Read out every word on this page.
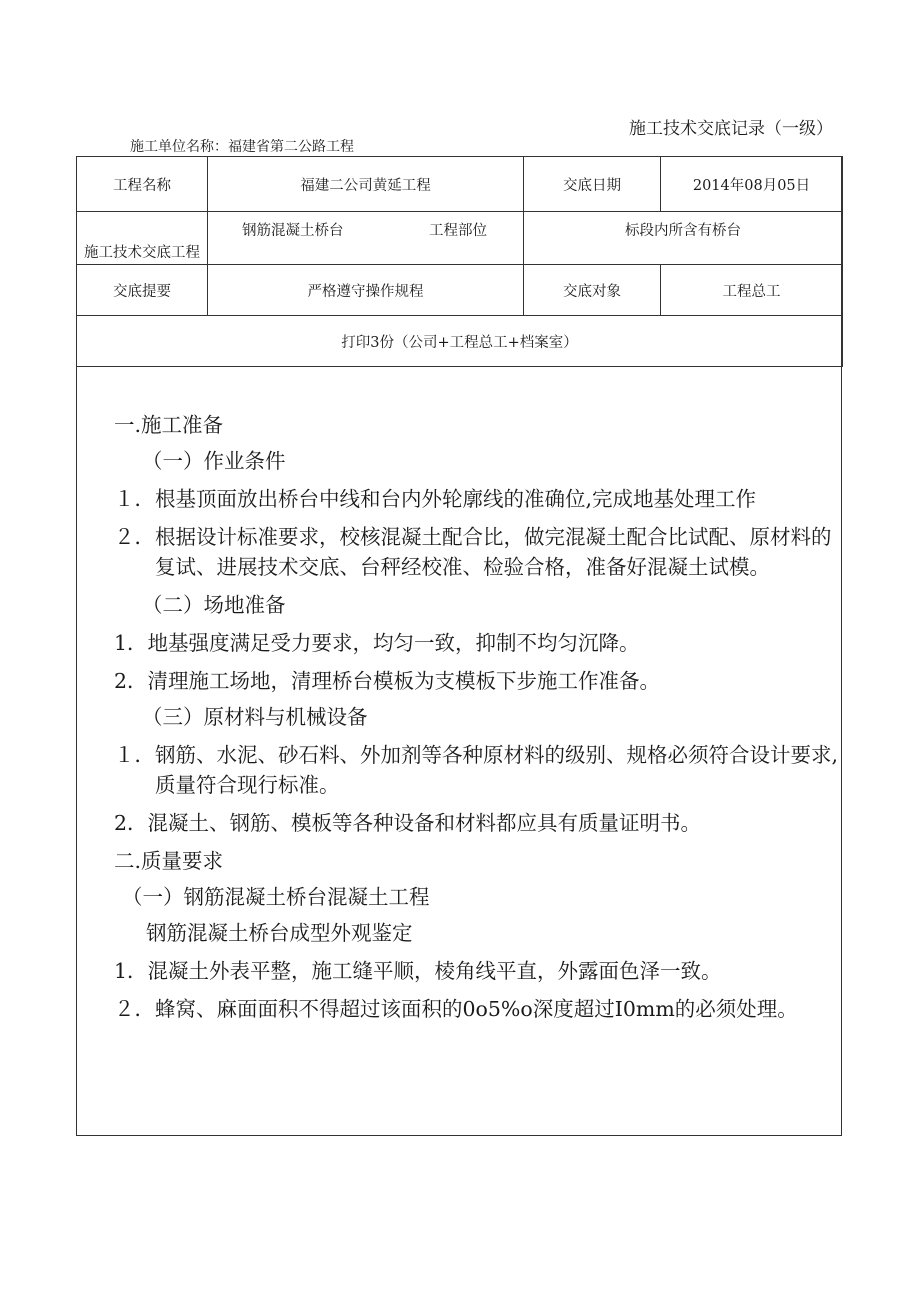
施工技术交底记录（一级）
施工单位名称：福建省第二公路工程
工程名称	福建二公司黄延工程	交底日期	2014年08月05日
施工技术交底工程	钢筋混凝土桥台 工程部位	标段内所含有桥台	

交底提要	严格遵守操作规程	交底对象	工程总工
打印3份（公司+工程总工+档案室）			
一.施工准备
（一）作业条件
１． 根基顶面放出桥台中线和台内外轮廓线的准确位,完成地基处理工作
２． 根据设计标准要求，校核混凝土配合比，做完混凝土配合比试配、原材料的复试、进展技术交底、台秤经校准、检验合格，准备好混凝土试模。
（二）场地准备
1． 地基强度满足受力要求，均匀一致，抑制不均匀沉降。
2． 清理施工场地，清理桥台模板为支模板下步施工作准备。
（三）原材料与机械设备
１． 钢筋、水泥、砂石料、外加剂等各种原材料的级别、规格必须符合设计要求,质量符合现行标准。
2． 混凝土、钢筋、模板等各种设备和材料都应具有质量证明书。
二.质量要求
（一）钢筋混凝土桥台混凝土工程
钢筋混凝土桥台成型外观鉴定
1． 混凝土外表平整，施工缝平顺，棱角线平直，外露面色泽一致。
２． 蜂窝、麻面面积不得超过该面积的0o5%o深度超过I0mm的必须处理。
